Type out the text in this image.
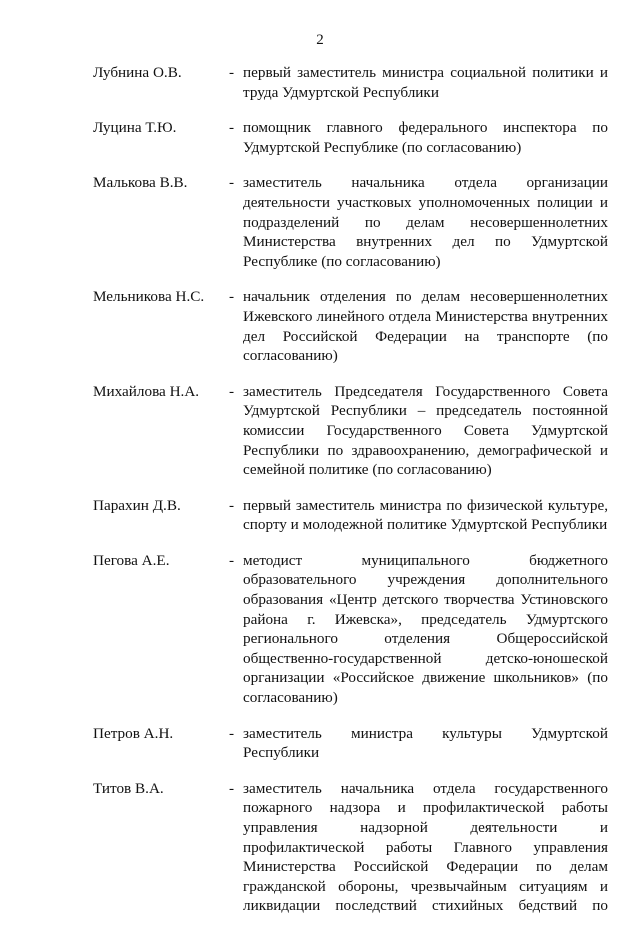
2
Лубнина О.В.	- первый заместитель министра социальной политики и труда Удмуртской Республики
Луцина Т.Ю.	- помощник главного федерального инспектора по Удмуртской Республике (по согласованию)
Малькова В.В.	- заместитель начальника отдела организации деятельности участковых уполномоченных полиции и подразделений по делам несовершеннолетних Министерства внутренних дел по Удмуртской Республике (по согласованию)
Мельникова Н.С.	- начальник отделения по делам несовершеннолетних Ижевского линейного отдела Министерства внутренних дел Российской Федерации на транспорте (по согласованию)
Михайлова Н.А.	- заместитель Председателя Государственного Совета Удмуртской Республики – председатель постоянной комиссии Государственного Совета Удмуртской Республики по здравоохранению, демографической и семейной политике (по согласованию)
Парахин Д.В.	- первый заместитель министра по физической культуре, спорту и молодежной политике Удмуртской Республики
Пегова А.Е.	- методист муниципального бюджетного образовательного учреждения дополнительного образования «Центр детского творчества Устиновского района г. Ижевска», председатель Удмуртского регионального отделения Общероссийской общественно-государственной детско-юношеской организации «Российское движение школьников» (по согласованию)
Петров А.Н.	- заместитель министра культуры Удмуртской Республики
Титов В.А.	- заместитель начальника отдела государственного пожарного надзора и профилактической работы управления надзорной деятельности и профилактической работы Главного управления Министерства Российской Федерации по делам гражданской обороны, чрезвычайным ситуациям и ликвидации последствий стихийных бедствий по
